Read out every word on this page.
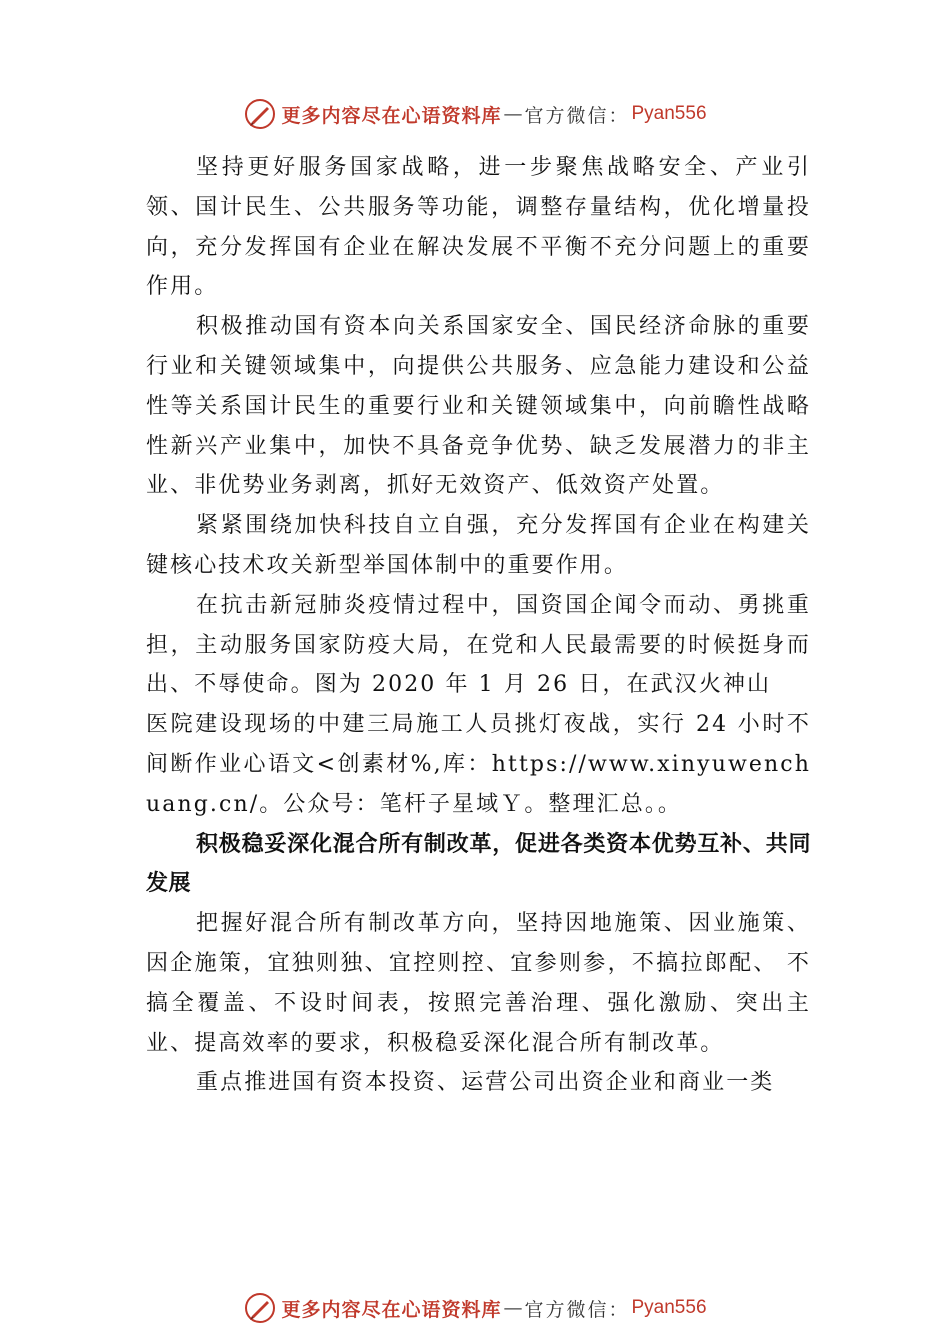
更多内容尽在心语资料库 — 官方微信： Pyan556

坚持更好服务国家战略，进一步聚焦战略安全、产业引领、国计民生、公共服务等功能，调整存量结构，优化增量投向，充分发挥国有企业在解决发展不平衡不充分问题上的重要作用。

积极推动国有资本向关系国家安全、国民经济命脉的重要行业和关键领域集中，向提供公共服务、应急能力建设和公益性等关系国计民生的重要行业和关键领域集中，向前瞻性战略性新兴产业集中，加快不具备竞争优势、缺乏发展潜力的非主业、非优势业务剥离，抓好无效资产、低效资产处置。

紧紧围绕加快科技自立自强，充分发挥国有企业在构建关键核心技术攻关新型举国体制中的重要作用。

在抗击新冠肺炎疫情过程中，国资国企闻令而动、勇挑重担，主动服务国家防疫大局，在党和人民最需要的时候挺身而出、不辱使命。图为 2020 年 1 月 26 日，在武汉火神山

医院建设现场的中建三局施工人员挑灯夜战，实行 24 小时不间断作业心语文<创素材%,库：https://www.xinyuwenchuang.cn/。公众号：笔杆子星域Ｙ。整理汇总。。

积极稳妥深化混合所有制改革，促进各类资本优势互补、共同发展

把握好混合所有制改革方向，坚持因地施策、因业施策、因企施策，宜独则独、宜控则控、宜参则参，不搞拉郎配、 不搞全覆盖、不设时间表，按照完善治理、强化激励、突出主业、提高效率的要求，积极稳妥深化混合所有制改革。

重点推进国有资本投资、运营公司出资企业和商业一类

更多内容尽在心语资料库 — 官方微信： Pyan556
